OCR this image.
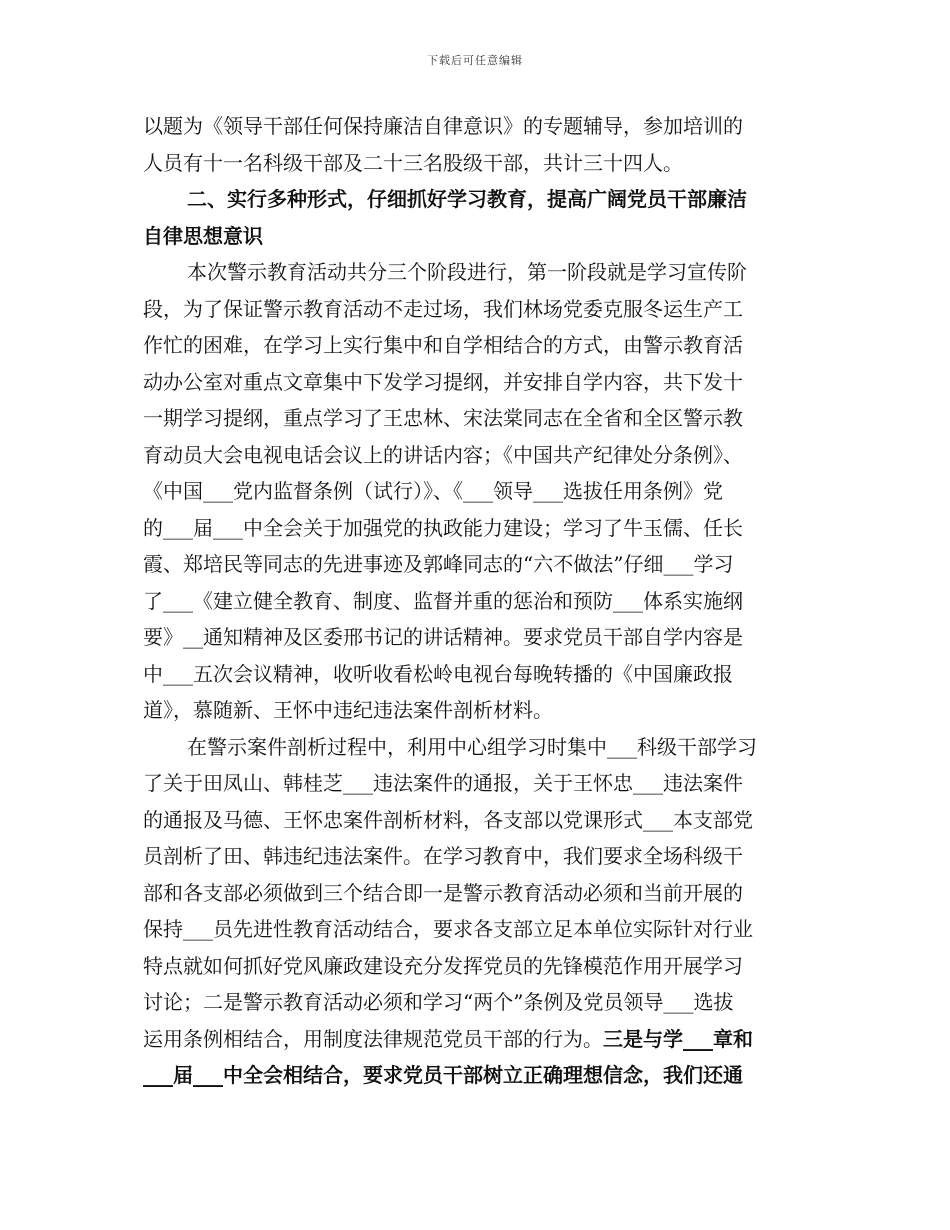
下载后可任意编辑
以题为《领导干部任何保持廉洁自律意识》的专题辅导，参加培训的
人员有十一名科级干部及二十三名股级干部，共计三十四人。
二、实行多种形式，仔细抓好学习教育，提高广阔党员干部廉洁
自律思想意识
本次警示教育活动共分三个阶段进行，第一阶段就是学习宣传阶
段，为了保证警示教育活动不走过场，我们林场党委克服冬运生产工
作忙的困难，在学习上实行集中和自学相结合的方式，由警示教育活
动办公室对重点文章集中下发学习提纲，并安排自学内容，共下发十
一期学习提纲，重点学习了王忠林、宋法棠同志在全省和全区警示教
育动员大会电视电话会议上的讲话内容；《中国共产纪律处分条例》、
《中国___党内监督条例（试行）》、《___领导___选拔任用条例》党
的___届___中全会关于加强党的执政能力建设；学习了牛玉儒、任长
霞、郑培民等同志的先进事迹及郭峰同志的“六不做法”仔细___学习
了___《建立健全教育、制度、监督并重的惩治和预防___体系实施纲
要》__通知精神及区委邢书记的讲话精神。要求党员干部自学内容是
中___五次会议精神，收听收看松岭电视台每晚转播的《中国廉政报
道》，慕随新、王怀中违纪违法案件剖析材料。
在警示案件剖析过程中，利用中心组学习时集中___科级干部学习
了关于田凤山、韩桂芝___违法案件的通报，关于王怀忠___违法案件
的通报及马德、王怀忠案件剖析材料，各支部以党课形式___本支部党
员剖析了田、韩违纪违法案件。在学习教育中，我们要求全场科级干
部和各支部必须做到三个结合即一是警示教育活动必须和当前开展的
保持___员先进性教育活动结合，要求各支部立足本单位实际针对行业
特点就如何抓好党风廉政建设充分发挥党员的先锋模范作用开展学习
讨论；二是警示教育活动必须和学习“两个”条例及党员领导___选拔
运用条例相结合，用制度法律规范党员干部的行为。三是与学___章和
___届___中全会相结合，要求党员干部树立正确理想信念，我们还通
